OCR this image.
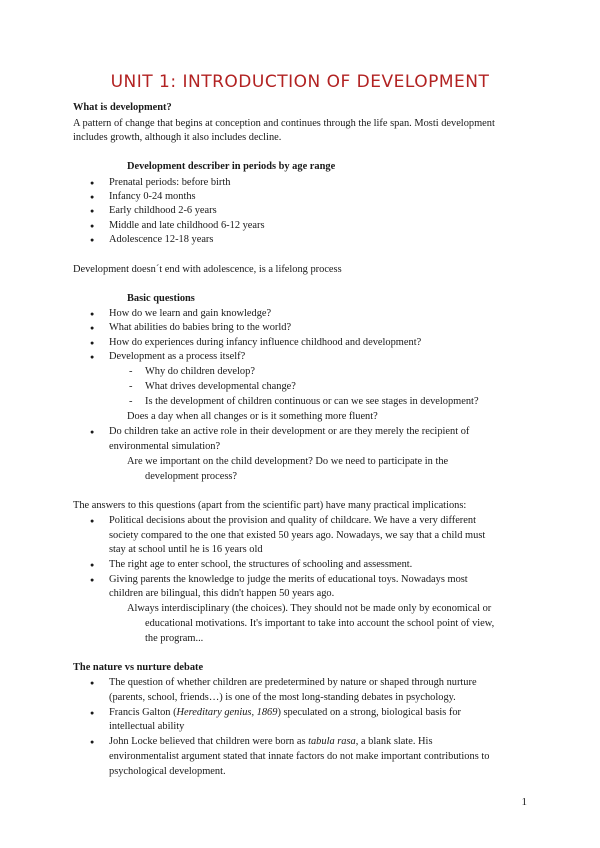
UNIT 1: INTRODUCTION OF DEVELOPMENT
What is development?
A pattern of change that begins at conception and continues through the life span. Mosti development
includes growth, although it also includes decline.
Development describer in periods by age range
● Prenatal periods: before birth
● Infancy 0-24 months
● Early childhood 2-6 years
● Middle and late childhood 6-12 years
● Adolescence 12-18 years
Development doesn´t end with adolescence, is a lifelong process
Basic questions
● How do we learn and gain knowledge?
● What abilities do babies bring to the world?
● How do experiences during infancy influence childhood and development?
● Development as a process itself?
- Why do children develop?
- What drives developmental change?
- Is the development of children continuous or can we see stages in development?
Does a day when all changes or is it something more fluent?
● Do children take an active role in their development or are they merely the recipient of
environmental simulation?
Are we important on the child development? Do we need to participate in the
development process?
The answers to this questions (apart from the scientific part) have many practical implications:
● Political decisions about the provision and quality of childcare. We have a very different
society compared to the one that existed 50 years ago. Nowadays, we say that a child must
stay at school until he is 16 years old
● The right age to enter school, the structures of schooling and assessment.
● Giving parents the knowledge to judge the merits of educational toys. Nowadays most
children are bilingual, this didn't happen 50 years ago.
Always interdisciplinary (the choices). They should not be made only by economical or
educational motivations. It's important to take into account the school point of view,
the program...
The nature vs nurture debate
● The question of whether children are predetermined by nature or shaped through nurture
(parents, school, friends…) is one of the most long-standing debates in psychology.
● Francis Galton (Hereditary genius, 1869) speculated on a strong, biological basis for
intellectual ability
● John Locke believed that children were born as tabula rasa, a blank slate. His
environmentalist argument stated that innate factors do not make important contributions to
psychological development.
1
